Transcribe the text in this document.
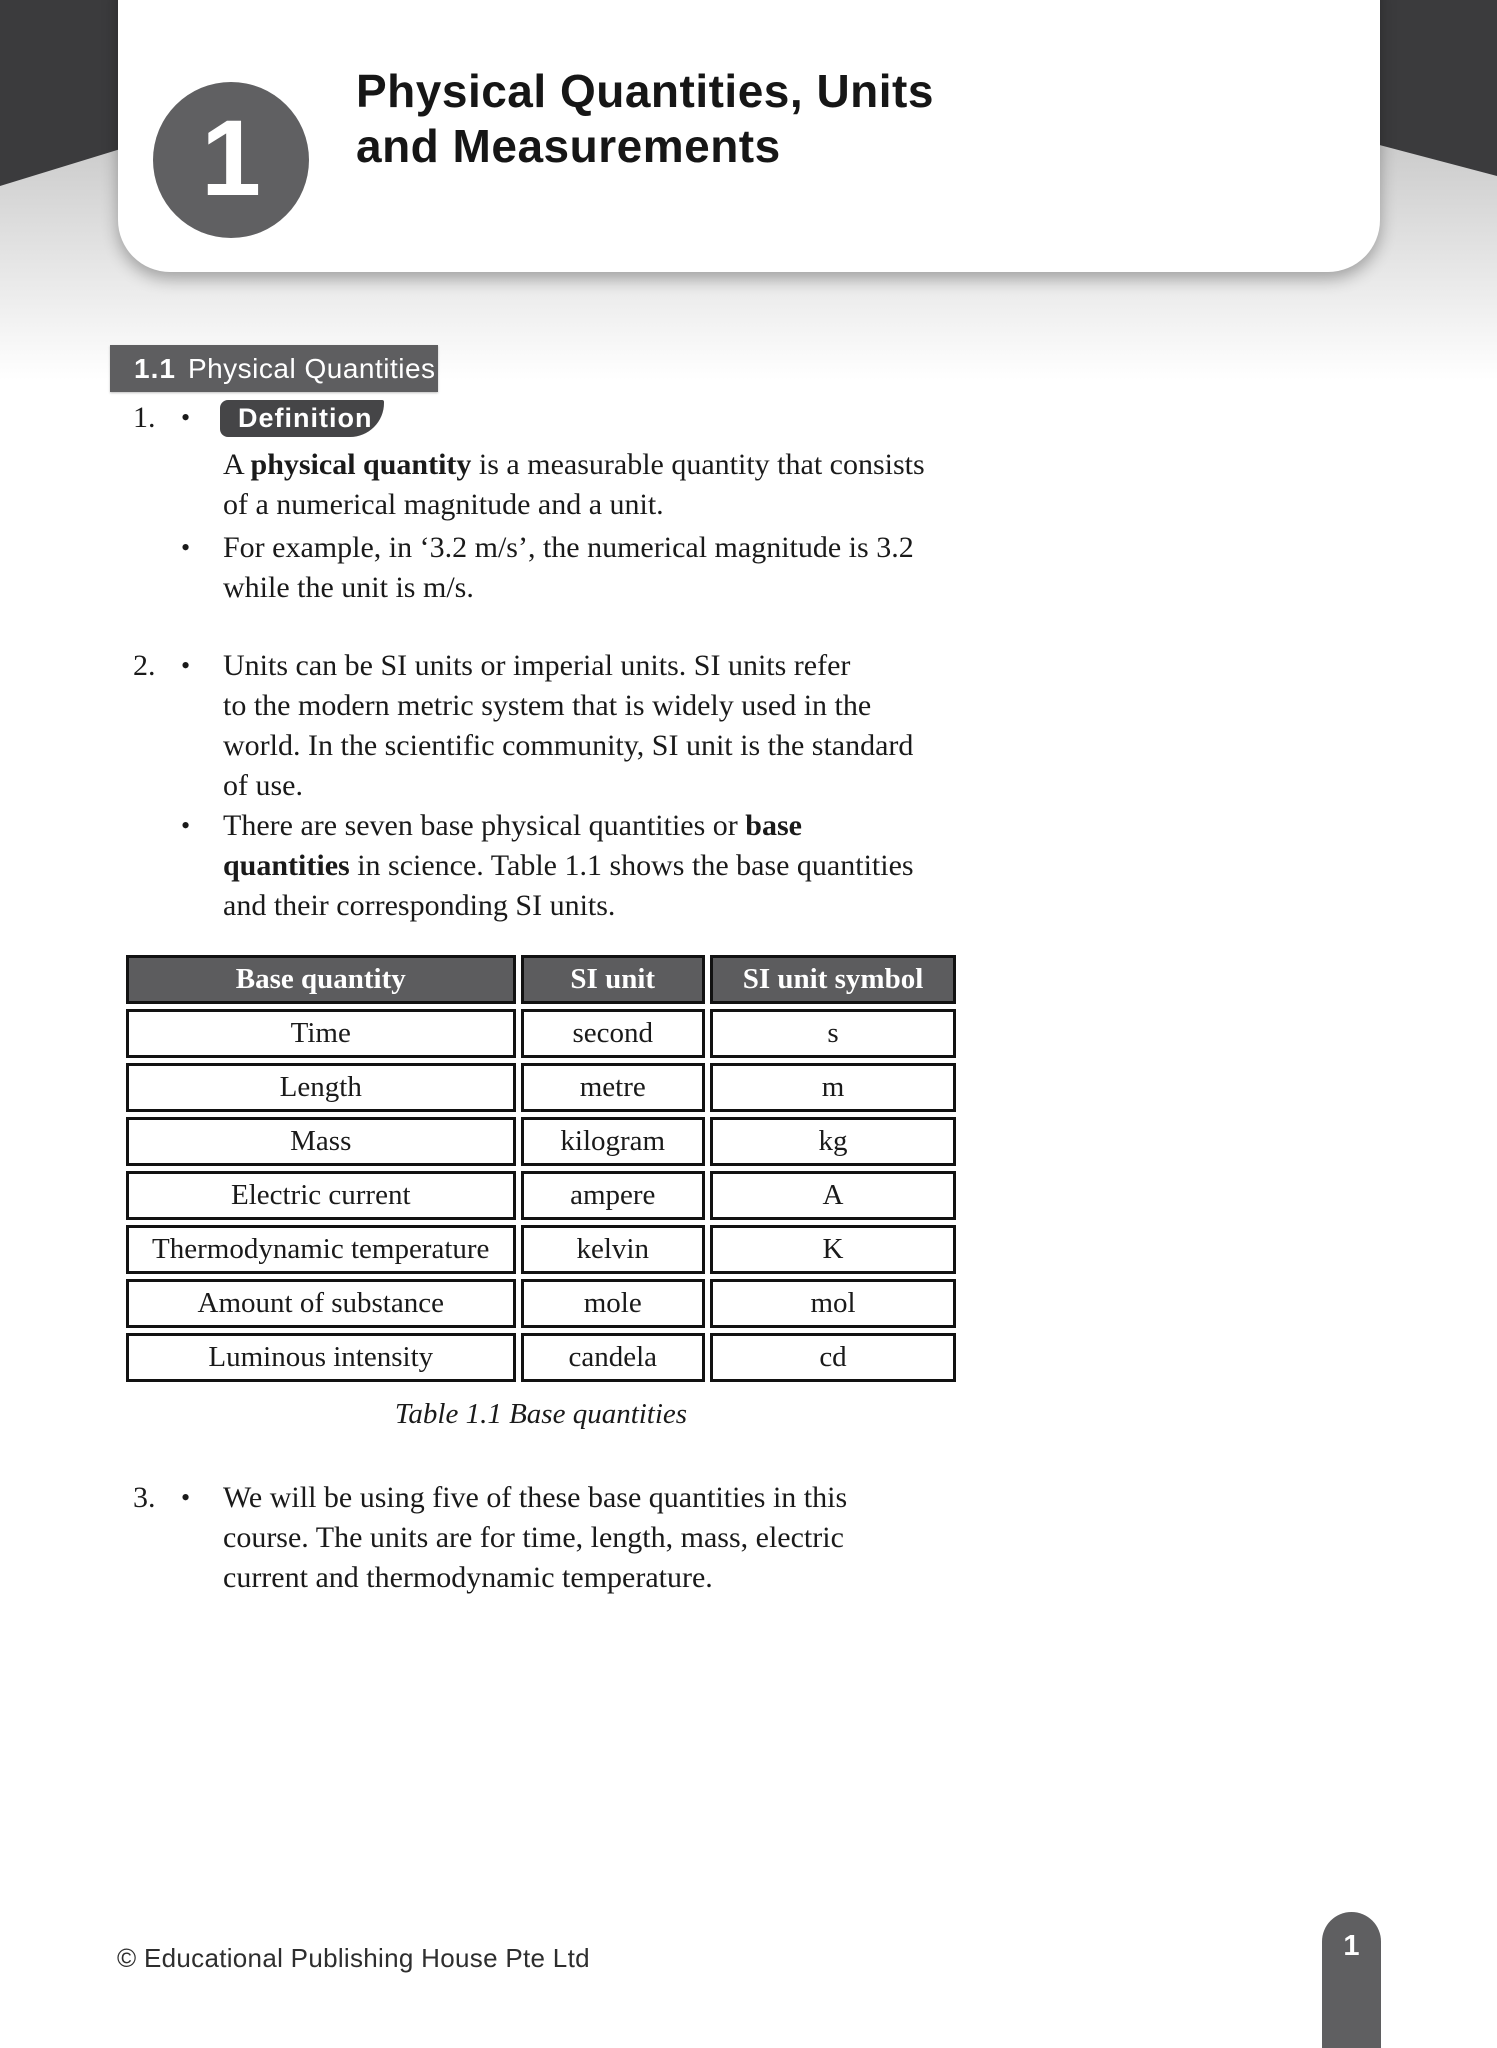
1
Physical Quantities, Units
and Measurements
1.1 Physical Quantities
1. • Definition
A physical quantity is a measurable quantity that consists
of a numerical magnitude and a unit.
• For example, in ‘3.2 m/s’, the numerical magnitude is 3.2
while the unit is m/s.
2. • Units can be SI units or imperial units. SI units refer
to the modern metric system that is widely used in the
world. In the scientific community, SI unit is the standard
of use.
• There are seven base physical quantities or base
quantities in science. Table 1.1 shows the base quantities
and their corresponding SI units.
Base quantity	SI unit	SI unit symbol
Time	second	s
Length	metre	m
Mass	kilogram	kg
Electric current	ampere	A
Thermodynamic temperature	kelvin	K
Amount of substance	mole	mol
Luminous intensity	candela	cd
Table 1.1 Base quantities
3. • We will be using five of these base quantities in this
course. The units are for time, length, mass, electric
current and thermodynamic temperature.
© Educational Publishing House Pte Ltd	1
